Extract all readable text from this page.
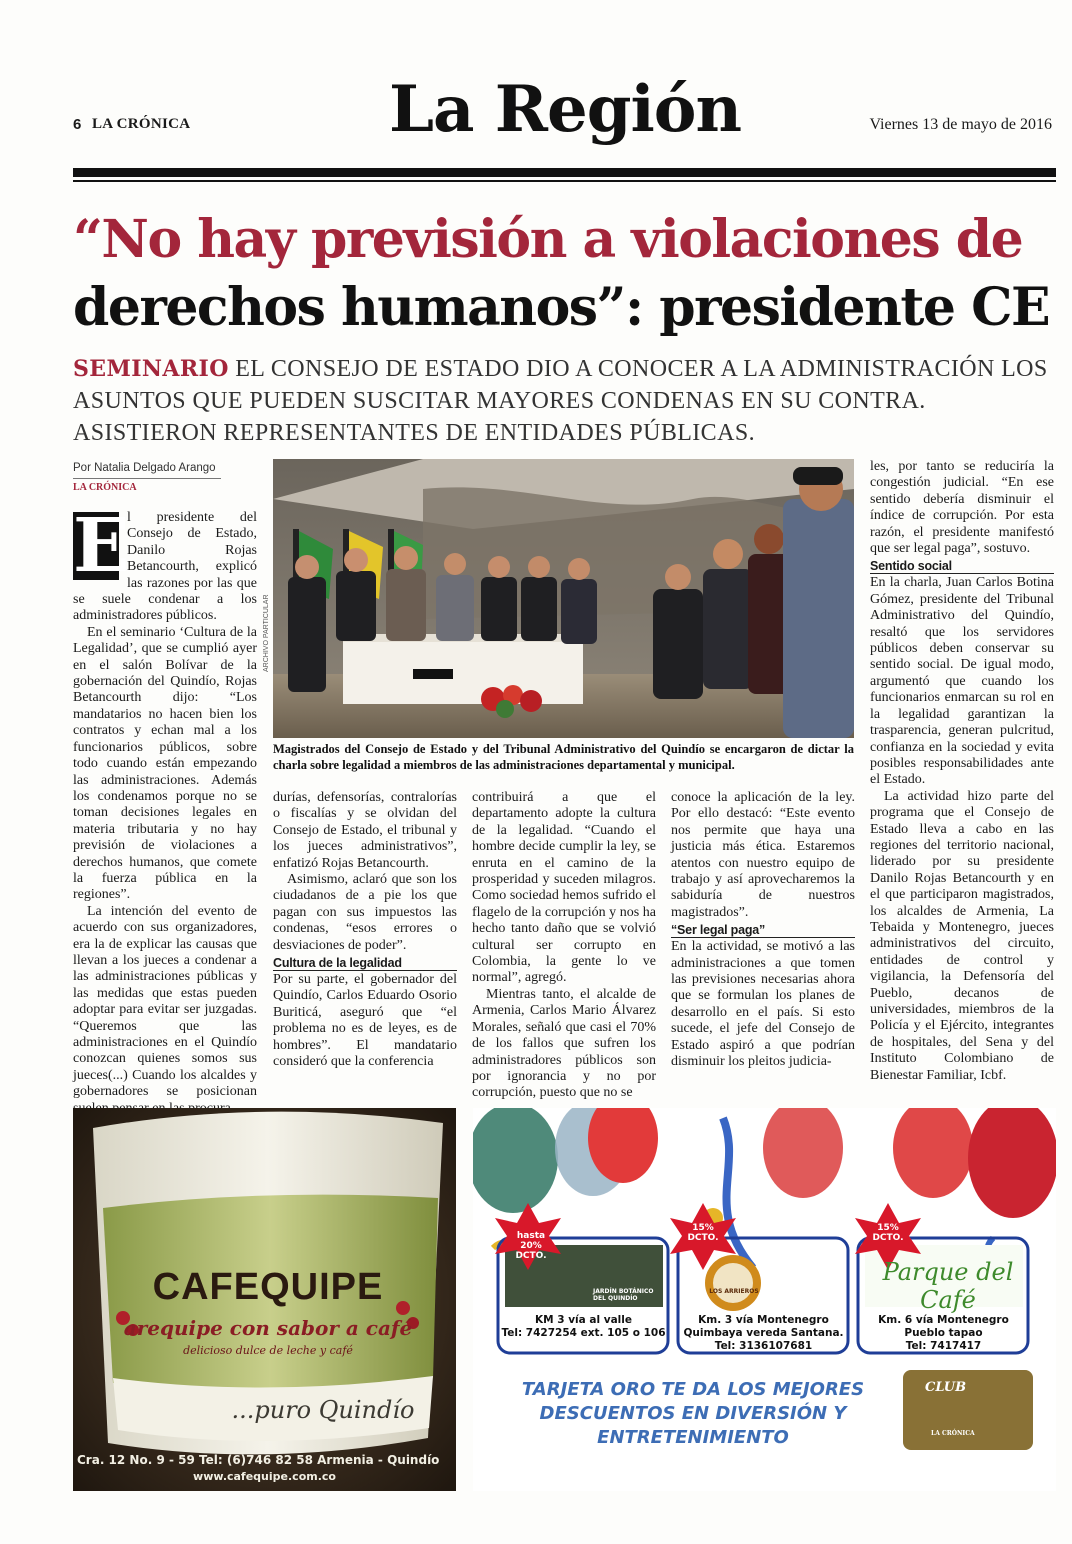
6 LA CRÓNICA	La Región	Viernes 13 de mayo de 2016
“No hay previsión a violaciones de
derechos humanos”: presidente CE
SEMINARIO EL CONSEJO DE ESTADO DIO A CONOCER A LA ADMINISTRACIÓN LOS ASUNTOS QUE PUEDEN SUSCITAR MAYORES CONDENAS EN SU CONTRA. ASISTIERON REPRESENTANTES DE ENTIDADES PÚBLICAS.
Por Natalia Delgado Arango
LA CRÓNICA
E

l presidente del Consejo de Estado, Danilo Rojas Betancourth, explicó las razones por las que se suele condenar a los administradores públicos.

En el seminario ‘Cultura de la Legalidad’, que se cumplió ayer en el salón Bolívar de la gobernación del Quindío, Rojas Betancourth dijo: “Los mandatarios no hacen bien los contratos y echan mal a los funcionarios públicos, sobre todo cuando están empezando las administraciones. Además los condenamos porque no se toman decisiones legales en materia tributaria y no hay previsión de violaciones a derechos humanos, que comete la fuerza pública en la regiones”.

La intención del evento de acuerdo con sus organizadores, era la de explicar las causas que llevan a los jueces a condenar a las administraciones públicas y las medidas que estas pueden adoptar para evitar ser juzgadas. “Queremos que las administraciones en el Quindío conozcan quienes somos sus jueces(...) Cuando los alcaldes y gobernadores se posicionan

ARCHIVO PARTICULAR
Magistrados del Consejo de Estado y del Tribunal Administrativo del Quindío se encargaron de dictar la charla sobre legalidad a miembros de las administraciones departamental y municipal.

durías, defensorías, contralorías o fiscalías y se olvidan del Consejo de Estado, el tribunal y los jueces administrativos”, enfatizó Rojas Betancourth.

Asimismo, aclaró que son los ciudadanos de a pie los que pagan con sus impuestos las condenas, “esos errores o desviaciones de poder”.

Cultura de la legalidad

Por su parte, el gobernador del Quindío, Carlos Eduardo Osorio Buriticá, aseguró que “el problema no es de leyes, es de hombres”. El mandatario consideró que la conferencia

contribuirá a que el departamento adopte la cultura de la legalidad. “Cuando el hombre decide cumplir la ley, se enruta en el camino de la prosperidad y suceden milagros. Como sociedad hemos sufrido el flagelo de la corrupción y nos ha hecho tanto daño que se volvió cultural ser corrupto en Colombia, la gente lo ve normal”, agregó.

Mientras tanto, el alcalde de Armenia, Carlos Mario Álvarez Morales, señaló que casi el 70% de los fallos que sufren los administradores públicos son por ignorancia y no por corrupción, puesto que no se

conoce la aplicación de la ley. Por ello destacó: “Este evento nos permite que haya una justicia más ética. Estaremos atentos con nuestro equipo de trabajo y así aprovecharemos la sabiduría de nuestros magistrados”.

“Ser legal paga”

En la actividad, se motivó a las administraciones a que tomen las previsiones necesarias ahora que se formulan los planes de desarrollo en el país. Si esto sucede, el jefe del Consejo de Estado aspiró a que podrían disminuir los pleitos judicia-

les, por tanto se reduciría la congestión judicial. “En ese sentido debería disminuir el índice de corrupción. Por esta razón, el presidente manifestó que ser legal paga”, sostuvo.

Sentido social

En la charla, Juan Carlos Botina Gómez, presidente del Tribunal Administrativo del Quindío, resaltó que los servidores públicos deben conservar su sentido social. De igual modo, argumentó que cuando los funcionarios enmarcan su rol en la legalidad garantizan la trasparencia, generan pulcritud, confianza en la sociedad y evita posibles responsabilidades ante el Estado.

La actividad hizo parte del programa que el Consejo de Estado lleva a cabo en las regiones del territorio nacional, liderado por su presidente Danilo Rojas Betancourth y en el que participaron magistrados, los alcaldes de Armenia, La Tebaida y Montenegro, jueces administrativos del circuito, entidades de control y vigilancia, la Defensoría del Pueblo, decanos de universidades, miembros de la Policía y el Ejército, integrantes de hospitales, del Sena y del Instituto Colombiano de Bienestar Familiar, Icbf.

CAFEQUIPE
arequipe con sabor a café
delicioso dulce de leche y café
...puro Quindío
Cra. 12 No. 9 - 59 Tel: (6)746 82 58 Armenia - Quindío
www.cafequipe.com.co
hasta
20%
DCTO.
JARDÍN BOTÁNICO DEL QUINDÍO
KM 3 vía al valle
Tel: 7427254 ext. 105 o 106
15%
DCTO.
LOS ARRIEROS
Km. 3 vía Montenegro
Quimbaya vereda Santana.
Tel: 3136107681
15%
DCTO.
Parque del Café
Km. 6 vía Montenegro
Pueblo tapao
Tel: 7417417
TARJETA ORO TE DA LOS MEJORES DESCUENTOS EN DIVERSIÓN Y ENTRETENIMIENTO
CLUB
LA CRÓNICA
